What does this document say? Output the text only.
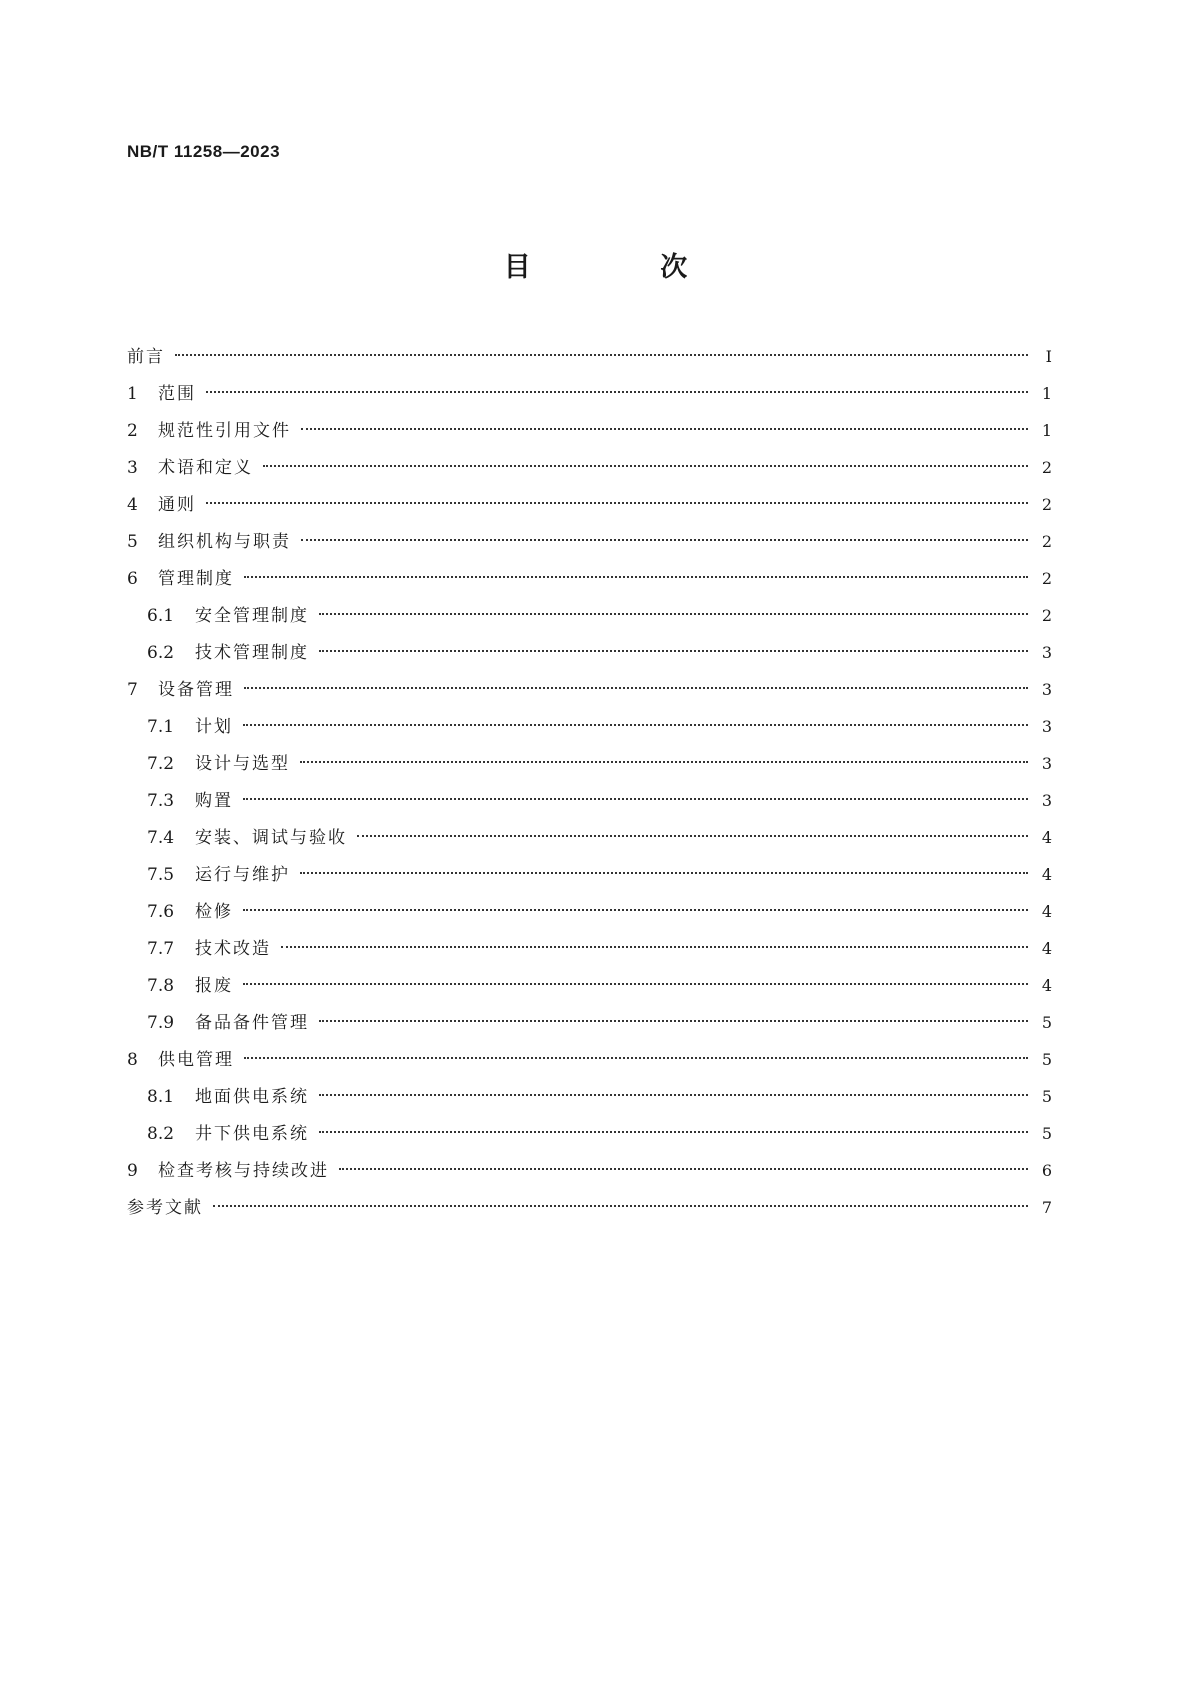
NB/T 11258—2023
目 次
前言	Ⅰ
1	范围	1
2	规范性引用文件	1
3	术语和定义	2
4	通则	2
5	组织机构与职责	2
6	管理制度	2
6.1	安全管理制度	2
6.2	技术管理制度	3
7	设备管理	3
7.1	计划	3
7.2	设计与选型	3
7.3	购置	3
7.4	安装、调试与验收	4
7.5	运行与维护	4
7.6	检修	4
7.7	技术改造	4
7.8	报废	4
7.9	备品备件管理	5
8	供电管理	5
8.1	地面供电系统	5
8.2	井下供电系统	5
9	检查考核与持续改进	6
参考文献	7
